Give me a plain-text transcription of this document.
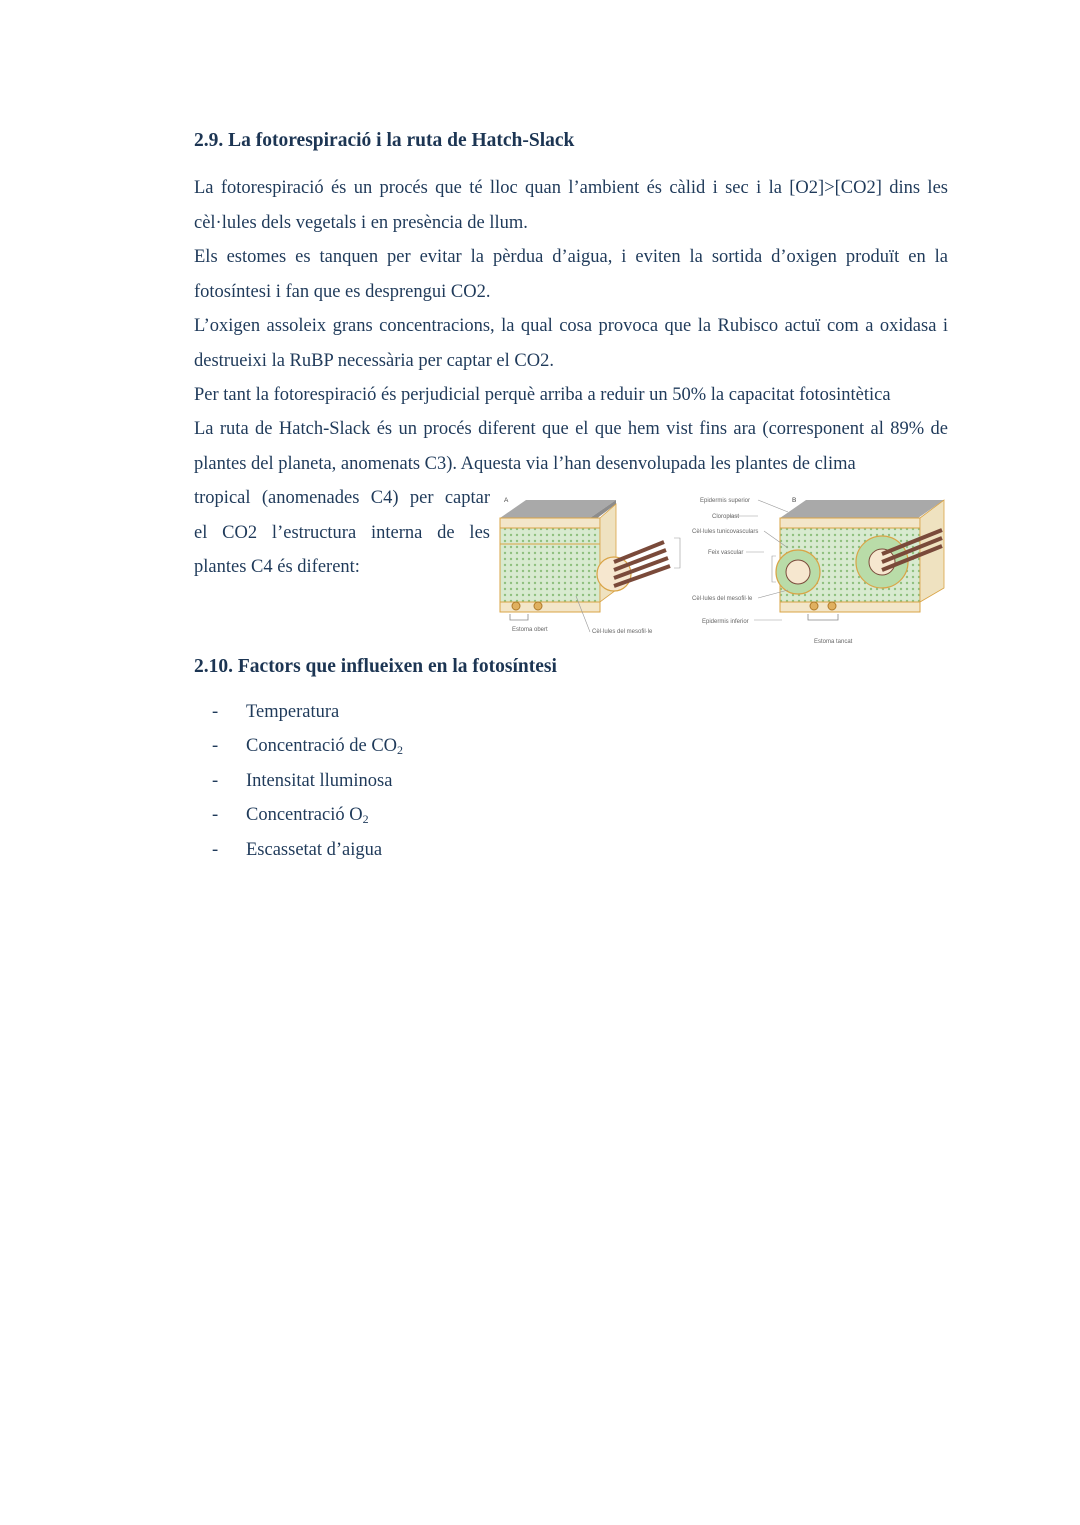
2.9. La fotorespiració i la ruta de Hatch-Slack

La fotorespiració és un procés que té lloc quan l’ambient és càlid i sec i la [O2]>[CO2] dins les cèl·lules dels vegetals i en presència de llum.

Els estomes es tanquen per evitar la pèrdua d’aigua, i eviten la sortida d’oxigen produït en la fotosíntesi i fan que es desprengui CO2.

L’oxigen assoleix grans concentracions, la qual cosa provoca que la Rubisco actuï com a oxidasa i destrueixi la RuBP necessària per captar el CO2.

Per tant la fotorespiració és perjudicial perquè arriba a reduir un 50% la capacitat fotosintètica

La ruta de Hatch-Slack és un procés diferent que el que hem vist fins ara (corresponent al 89% de plantes del planeta, anomenats C3). Aquesta via l’han desenvolupada les plantes de clima

tropical (anomenades C4) per captar
el CO2 l’estructura interna de les
plantes C4 és diferent:
A	B
Epidermis superior
Cloroplast
Cèl·lules tunicovasculars
Feix vascular
Cèl·lules del mesofil·le
Epidermis inferior
Estoma obert	Cèl·lules del mesofil·le
Estoma tancat
2.10. Factors que influeixen en la fotosíntesi
- Temperatura
- Concentració de $CO_2$
- Intensitat lluminosa
- Concentració $O_2$
- Escassetat d’aigua
